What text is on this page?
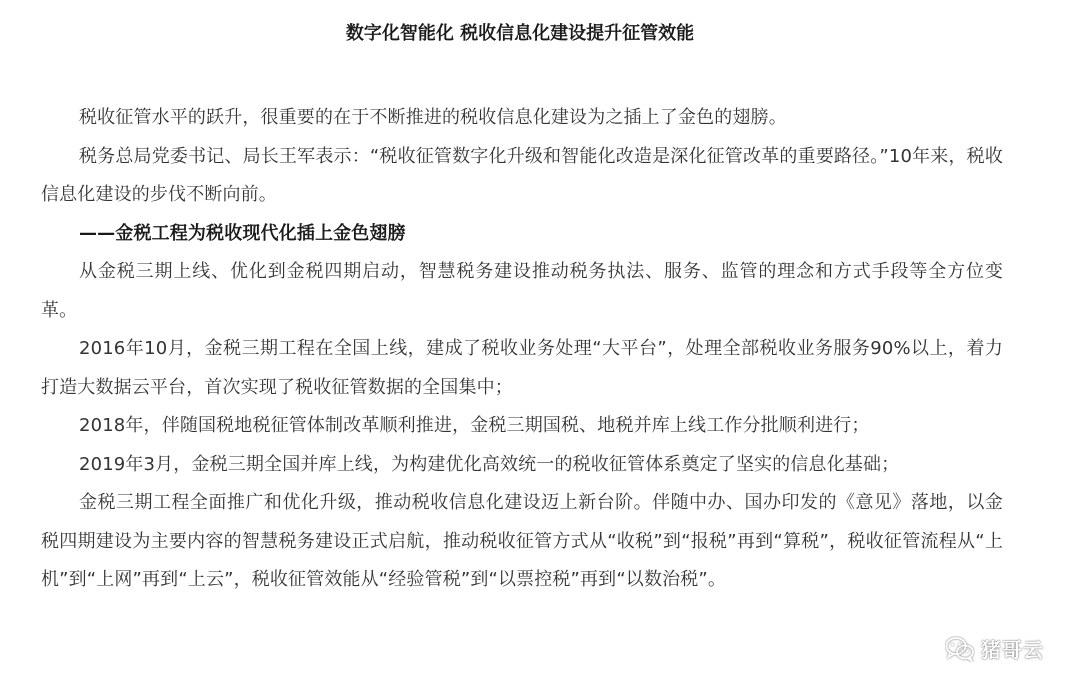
数字化智能化 税收信息化建设提升征管效能

税收征管水平的跃升，很重要的在于不断推进的税收信息化建设为之插上了金色的翅膀。

税务总局党委书记、局长王军表示：“税收征管数字化升级和智能化改造是深化征管改革的重要路径。”10年来，税收信息化建设的步伐不断向前。

——金税工程为税收现代化插上金色翅膀

从金税三期上线、优化到金税四期启动，智慧税务建设推动税务执法、服务、监管的理念和方式手段等全方位变革。

2016年10月，金税三期工程在全国上线，建成了税收业务处理“大平台”，处理全部税收业务服务90%以上，着力打造大数据云平台，首次实现了税收征管数据的全国集中；

2018年，伴随国税地税征管体制改革顺利推进，金税三期国税、地税并库上线工作分批顺利进行；

2019年3月，金税三期全国并库上线，为构建优化高效统一的税收征管体系奠定了坚实的信息化基础；

金税三期工程全面推广和优化升级，推动税收信息化建设迈上新台阶。伴随中办、国办印发的《意见》落地，以金税四期建设为主要内容的智慧税务建设正式启航，推动税收征管方式从“收税”到“报税”再到“算税”，税收征管流程从“上机”到“上网”再到“上云”，税收征管效能从“经验管税”到“以票控税”再到“以数治税”。

猪哥云
